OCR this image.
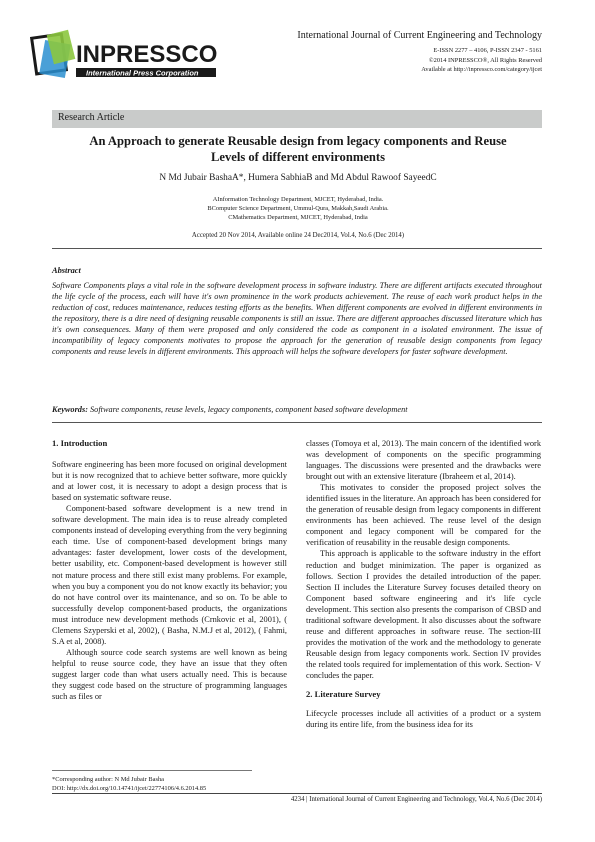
INPRESSCO
International Press Corporation
International Journal of Current Engineering and Technology
E-ISSN 2277 – 4106, P-ISSN 2347 - 5161
©2014 INPRESSCO®, All Rights Reserved
Available at http://inpressco.com/category/ijcet
Research Article
An Approach to generate Reusable design from legacy components and Reuse
Levels of different environments
N Md Jubair BashaA*, Humera SabhiaB and Md Abdul Rawoof SayeedC
AInformation Technology Department, MJCET, Hyderabad, India.
BComputer Science Department, Ummul-Qura, Makkah,Saudi Arabia.
CMathematics Department, MJCET, Hyderabad, India
Accepted 20 Nov 2014, Available online 24 Dec2014, Vol.4, No.6 (Dec 2014)
Abstract
Software Components plays a vital role in the software development process in software industry. There are different artifacts executed throughout the life cycle of the process, each will have it's own prominence in the work products achievement. The reuse of each work product helps in the reduction of cost, reduces maintenance, reduces testing efforts as the benefits. When different components are evolved in different environments in the repository, there is a dire need of designing reusable components is still an issue. There are different approaches discussed literature which has it's own consequences. Many of them were proposed and only considered the code as component in a isolated environment. The issue of incompatibility of legacy components motivates to propose the approach for the generation of reusable design components from legacy components and reuse levels in different environments. This approach will helps the software developers for faster software development.
Keywords: Software components, reuse levels, legacy components, component based software development

1. Introduction

Software engineering has been more focused on original development but it is now recognized that to achieve better software, more quickly and at lower cost, it is necessary to adopt a design process that is based on systematic software reuse.

Component-based software development is a new trend in software development. The main idea is to reuse already completed components instead of developing everything from the very beginning each time. Use of component-based development brings many advantages: faster development, lower costs of the development, better usability, etc. Component-based development is however still not mature process and there still exist many problems. For example, when you buy a component you do not know exactly its behavior; you do not have control over its maintenance, and so on. To be able to successfully develop component-based products, the organizations must introduce new development methods (Crnkovic et al, 2001), ( Clemens Szyperski et al, 2002), ( Basha, N.M.J et al, 2012), ( Fahmi, S.A et al, 2008).

Although source code search systems are well known as being helpful to reuse source code, they have an issue that they often suggest larger code than what users actually need. This is because they suggest code based on the structure of programming languages such as files or

classes (Tomoya et al, 2013). The main concern of the identified work was development of components on the specific programming languages. The discussions were presented and the drawbacks were brought out with an extensive literature (Ibraheem et al, 2014).

This motivates to consider the proposed project solves the identified issues in the literature. An approach has been considered for the generation of reusable design from legacy components in different environments has been achieved. The reuse level of the design component and legacy component will be compared for the verification of reusability in the reusable design components.

This approach is applicable to the software industry in the effort reduction and budget minimization. The paper is organized as follows. Section I provides the detailed introduction of the paper. Section II includes the Literature Survey focuses detailed theory on Component based software engineering and it's life cycle development. This section also presents the comparison of CBSD and traditional software development. It also discusses about the software reuse and different approaches in software reuse. The section-III provides the motivation of the work and the methodology to generate Reusable design from legacy components work. Section IV provides the related tools required for implementation of this work. Section- V concludes the paper.

2. Literature Survey

Lifecycle processes include all activities of a product or a system during its entire life, from the business idea for its

*Corresponding author: N Md Jubair Basha
DOI: http://dx.doi.org/10.14741/ijcet/22774106/4.6.2014.85
4234 | International Journal of Current Engineering and Technology, Vol.4, No.6 (Dec 2014)
